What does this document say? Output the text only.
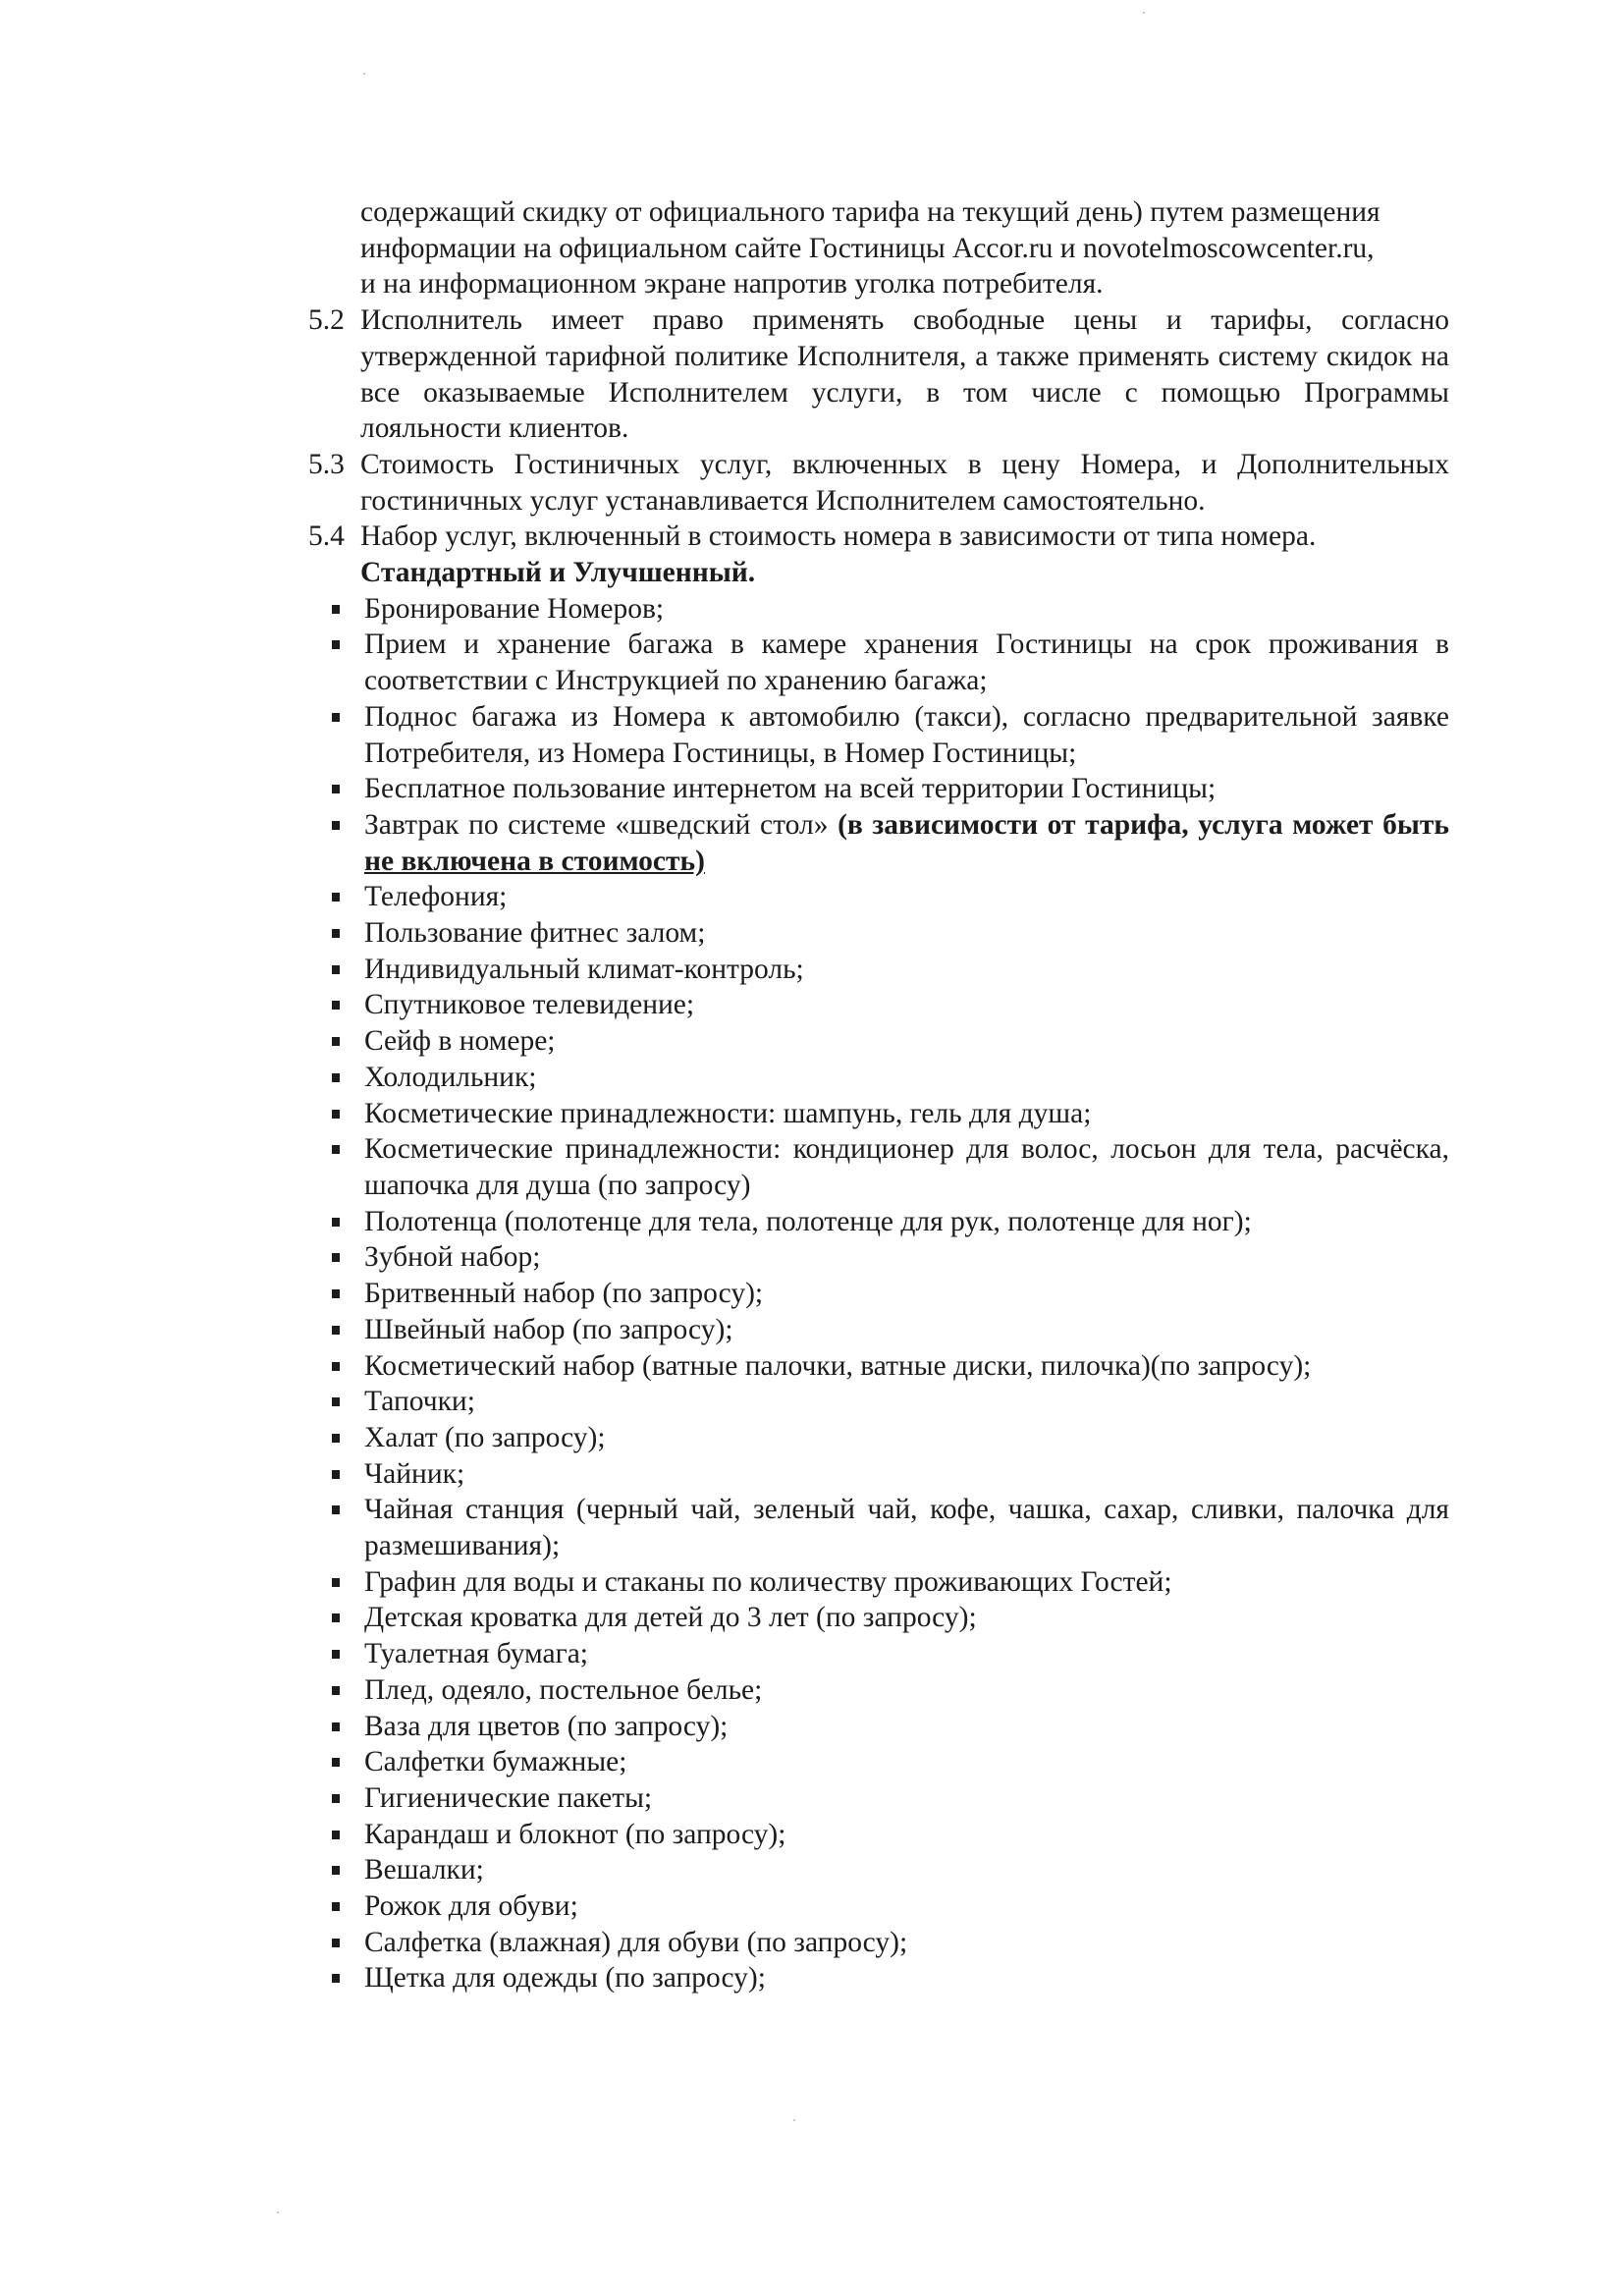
содержащий скидку от официального тарифа на текущий день) путем размещения
информации на официальном сайте Гостиницы Accor.ru и novotelmoscowcenter.ru,
и на информационном экране напротив уголка потребителя.
5.2 Исполнитель имеет право применять свободные цены и тарифы, согласно утвержденной тарифной политике Исполнителя, а также применять систему скидок на все оказываемые Исполнителем услуги, в том числе с помощью Программы лояльности клиентов.
5.3 Стоимость Гостиничных услуг, включенных в цену Номера, и Дополнительных гостиничных услуг устанавливается Исполнителем самостоятельно.
5.4 Набор услуг, включенный в стоимость номера в зависимости от типа номера.
Стандартный и Улучшенный.
Бронирование Номеров;
Прием и хранение багажа в камере хранения Гостиницы на срок проживания в соответствии с Инструкцией по хранению багажа;
Поднос багажа из Номера к автомобилю (такси), согласно предварительной заявке Потребителя, из Номера Гостиницы, в Номер Гостиницы;
Бесплатное пользование интернетом на всей территории Гостиницы;
Завтрак по системе «шведский стол» (в зависимости от тарифа, услуга может быть не включена в стоимость)
Телефония;
Пользование фитнес залом;
Индивидуальный климат-контроль;
Спутниковое телевидение;
Сейф в номере;
Холодильник;
Косметические принадлежности: шампунь, гель для душа;
Косметические принадлежности: кондиционер для волос, лосьон для тела, расчёска, шапочка для душа (по запросу)
Полотенца (полотенце для тела, полотенце для рук, полотенце для ног);
Зубной набор;
Бритвенный набор (по запросу);
Швейный набор (по запросу);
Косметический набор (ватные палочки, ватные диски, пилочка)(по запросу);
Тапочки;
Халат (по запросу);
Чайник;
Чайная станция (черный чай, зеленый чай, кофе, чашка, сахар, сливки, палочка для размешивания);
Графин для воды и стаканы по количеству проживающих Гостей;
Детская кроватка для детей до 3 лет (по запросу);
Туалетная бумага;
Плед, одеяло, постельное белье;
Ваза для цветов (по запросу);
Салфетки бумажные;
Гигиенические пакеты;
Карандаш и блокнот (по запросу);
Вешалки;
Рожок для обуви;
Салфетка (влажная) для обуви (по запросу);
Щетка для одежды (по запросу);
